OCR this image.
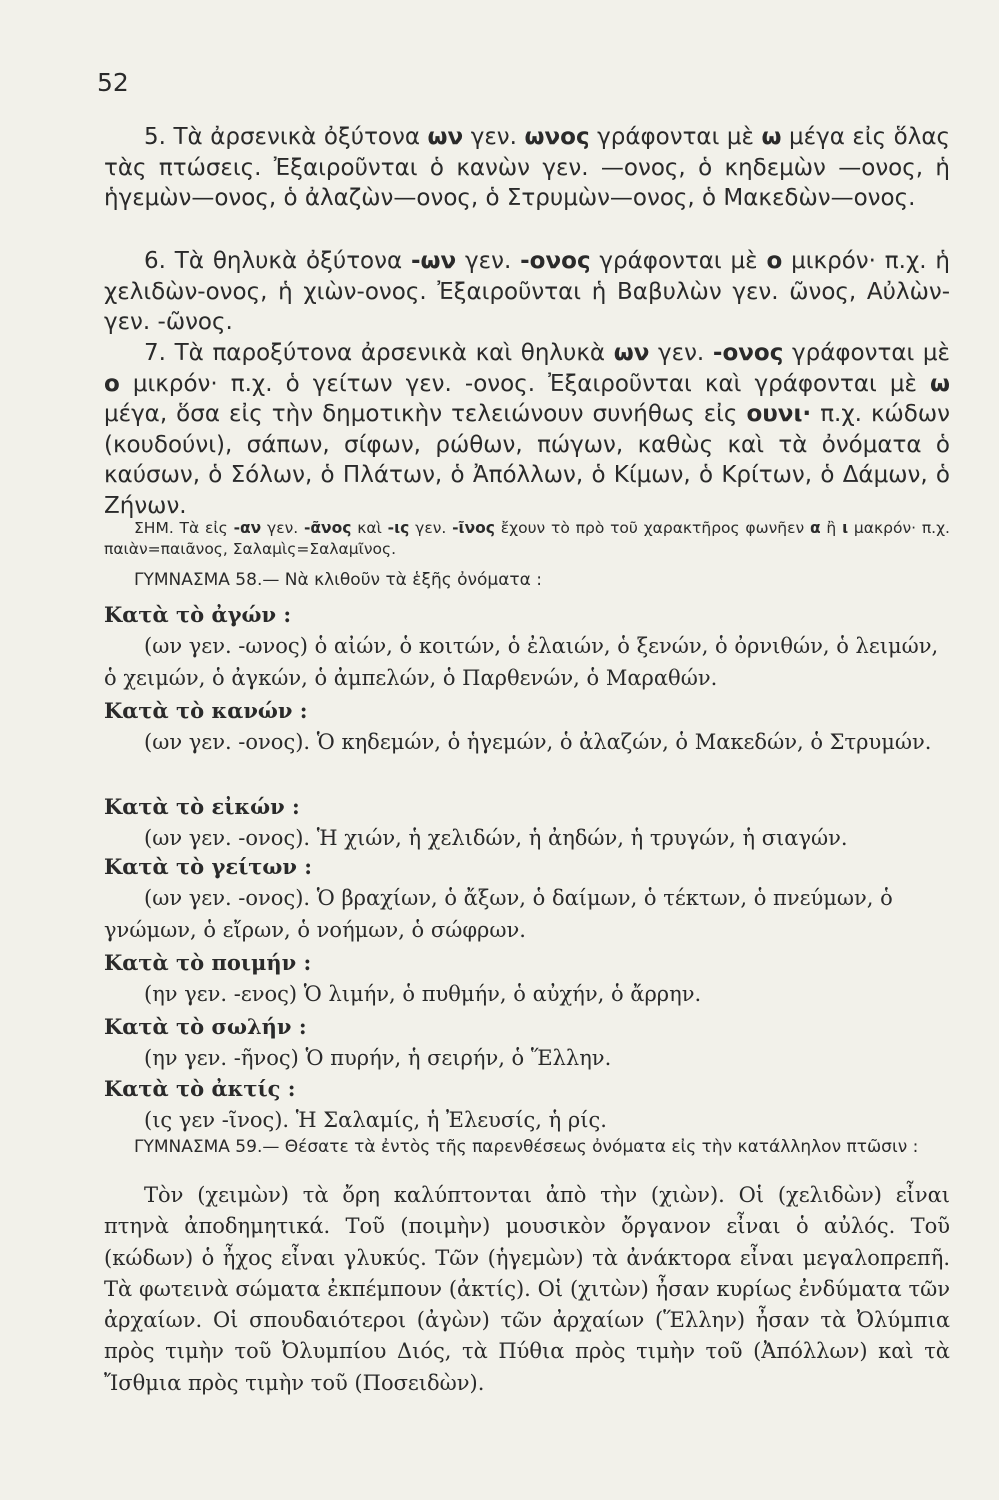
52

5. Τὰ ἀρσενικὰ ὀξύτονα ων γεν. ωνος γράφονται μὲ ω μέγα εἰς ὅλας τὰς πτώσεις. Ἐξαιροῦνται ὁ κανὼν γεν. —ονος, ὁ κηδεμὼν —ονος, ἡ ἡγεμὼν—ονος, ὁ ἀλαζὼν—ονος, ὁ Στρυμὼν—ονος, ὁ Μακεδὼν—ονος.

6. Τὰ θηλυκὰ ὀξύτονα -ων γεν. -ονος γράφονται μὲ ο μικρόν· π.χ. ἡ χελιδὼν-ονος, ἡ χιὼν-ονος. Ἐξαιροῦνται ἡ Βαβυλὼν γεν. ῶνος, Αὐλὼν-γεν. -ῶνος.

7. Τὰ παροξύτονα ἀρσενικὰ καὶ θηλυκὰ ων γεν. -ονος γράφονται μὲ ο μικρόν· π.χ. ὁ γείτων γεν. -ονος. Ἐξαιροῦνται καὶ γράφονται μὲ ω μέγα, ὅσα εἰς τὴν δημοτικὴν τελειώνουν συνήθως εἰς ουνι· π.χ. κώδων (κουδούνι), σάπων, σίφων, ρώθων, πώγων, καθὼς καὶ τὰ ὀνόματα ὁ καύσων, ὁ Σόλων, ὁ Πλάτων, ὁ Ἀπόλλων, ὁ Κίμων, ὁ Κρίτων, ὁ Δάμων, ὁ Ζήνων.

ΣΗΜ. Τὰ εἰς -αν γεν. -ᾶνος καὶ -ις γεν. -ῖνος ἔχουν τὸ πρὸ τοῦ χαρακτῆρος φωνῆεν α ἢ ι μακρόν· π.χ. παιὰν=παιᾶνος, Σαλαμὶς=Σαλαμῖνος.

ΓΥΜΝΑΣΜΑ 58.— Νὰ κλιθοῦν τὰ ἑξῆς ὀνόματα :

Κατὰ τὸ ἀγών :

(ων γεν. -ωνος) ὁ αἰών, ὁ κοιτών, ὁ ἐλαιών, ὁ ξενών, ὁ ὀρνιθών, ὁ λειμών, ὁ χειμών, ὁ ἀγκών, ὁ ἀμπελών, ὁ Παρθενών, ὁ Μαραθών.

Κατὰ τὸ κανών :

(ων γεν. -ονος). Ὁ κηδεμών, ὁ ἡγεμών, ὁ ἀλαζών, ὁ Μακεδών, ὁ Στρυμών.

Κατὰ τὸ εἰκών :

(ων γεν. -ονος). Ἡ χιών, ἡ χελιδών, ἡ ἀηδών, ἡ τρυγών, ἡ σιαγών.

Κατὰ τὸ γείτων :

(ων γεν. -ονος). Ὁ βραχίων, ὁ ἄξων, ὁ δαίμων, ὁ τέκτων, ὁ πνεύμων, ὁ γνώμων, ὁ εἴρων, ὁ νοήμων, ὁ σώφρων.

Κατὰ τὸ ποιμήν :

(ην γεν. -ενος) Ὁ λιμήν, ὁ πυθμήν, ὁ αὐχήν, ὁ ἄρρην.

Κατὰ τὸ σωλήν :

(ην γεν. -ῆνος) Ὁ πυρήν, ἡ σειρήν, ὁ Ἕλλην.

Κατὰ τὸ ἀκτίς :

(ις γεν -ῖνος). Ἡ Σαλαμίς, ἡ Ἐλευσίς, ἡ ρίς.

ΓΥΜΝΑΣΜΑ 59.— Θέσατε τὰ ἐντὸς τῆς παρενθέσεως ὀνόματα εἰς τὴν κατάλληλον πτῶσιν :

Τὸν (χειμὼν) τὰ ὄρη καλύπτονται ἀπὸ τὴν (χιὼν). Οἱ (χελιδὼν) εἶναι πτηνὰ ἀποδημητικά. Τοῦ (ποιμὴν) μουσικὸν ὄργανον εἶναι ὁ αὐλός. Τοῦ (κώδων) ὁ ἦχος εἶναι γλυκύς. Τῶν (ἡγεμὼν) τὰ ἀνάκτορα εἶναι μεγαλοπρεπῆ. Τὰ φωτεινὰ σώματα ἐκπέμπουν (ἀκτίς). Οἱ (χιτὼν) ἦσαν κυρίως ἐνδύματα τῶν ἀρχαίων. Οἱ σπουδαιότεροι (ἀγὼν) τῶν ἀρχαίων (Ἕλλην) ἦσαν τὰ Ὀλύμπια πρὸς τιμὴν τοῦ Ὀλυμπίου Διός, τὰ Πύθια πρὸς τιμὴν τοῦ (Ἀπόλλων) καὶ τὰ Ἴσθμια πρὸς τιμὴν τοῦ (Ποσειδὼν).
